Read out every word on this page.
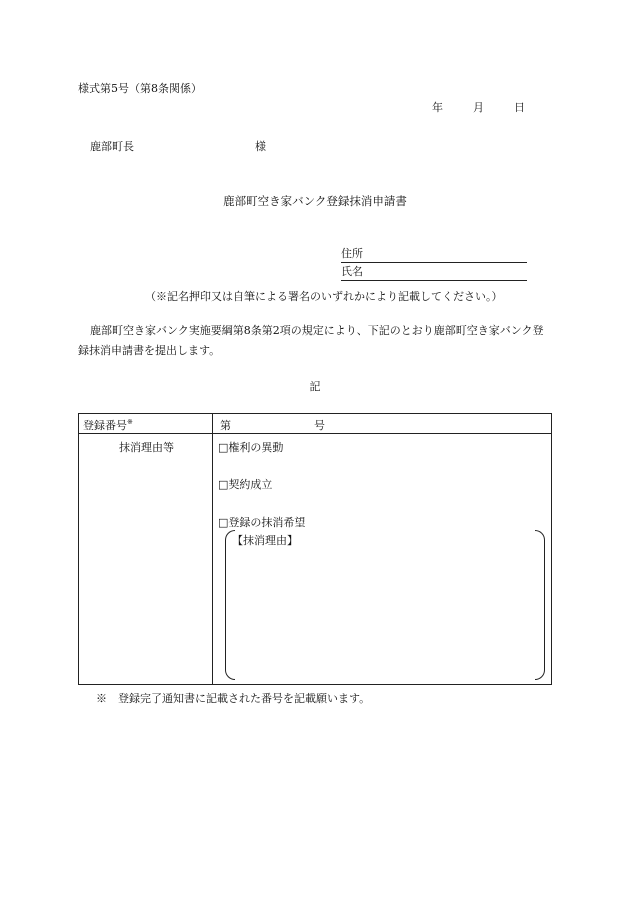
様式第5号（第8条関係）
年	月	日
鹿部町長	様
鹿部町空き家バンク登録抹消申請書
住所
氏名
（※記名押印又は自筆による署名のいずれかにより記載してください。）
鹿部町空き家バンク実施要綱第8条第2項の規定により、下記のとおり鹿部町空き家バンク登録抹消申請書を提出します。
記
登録番号※	第	号
抹消理由等	□権利の異動
□契約成立
□登録の抹消希望
【抹消理由】
※　登録完了通知書に記載された番号を記載願います。
